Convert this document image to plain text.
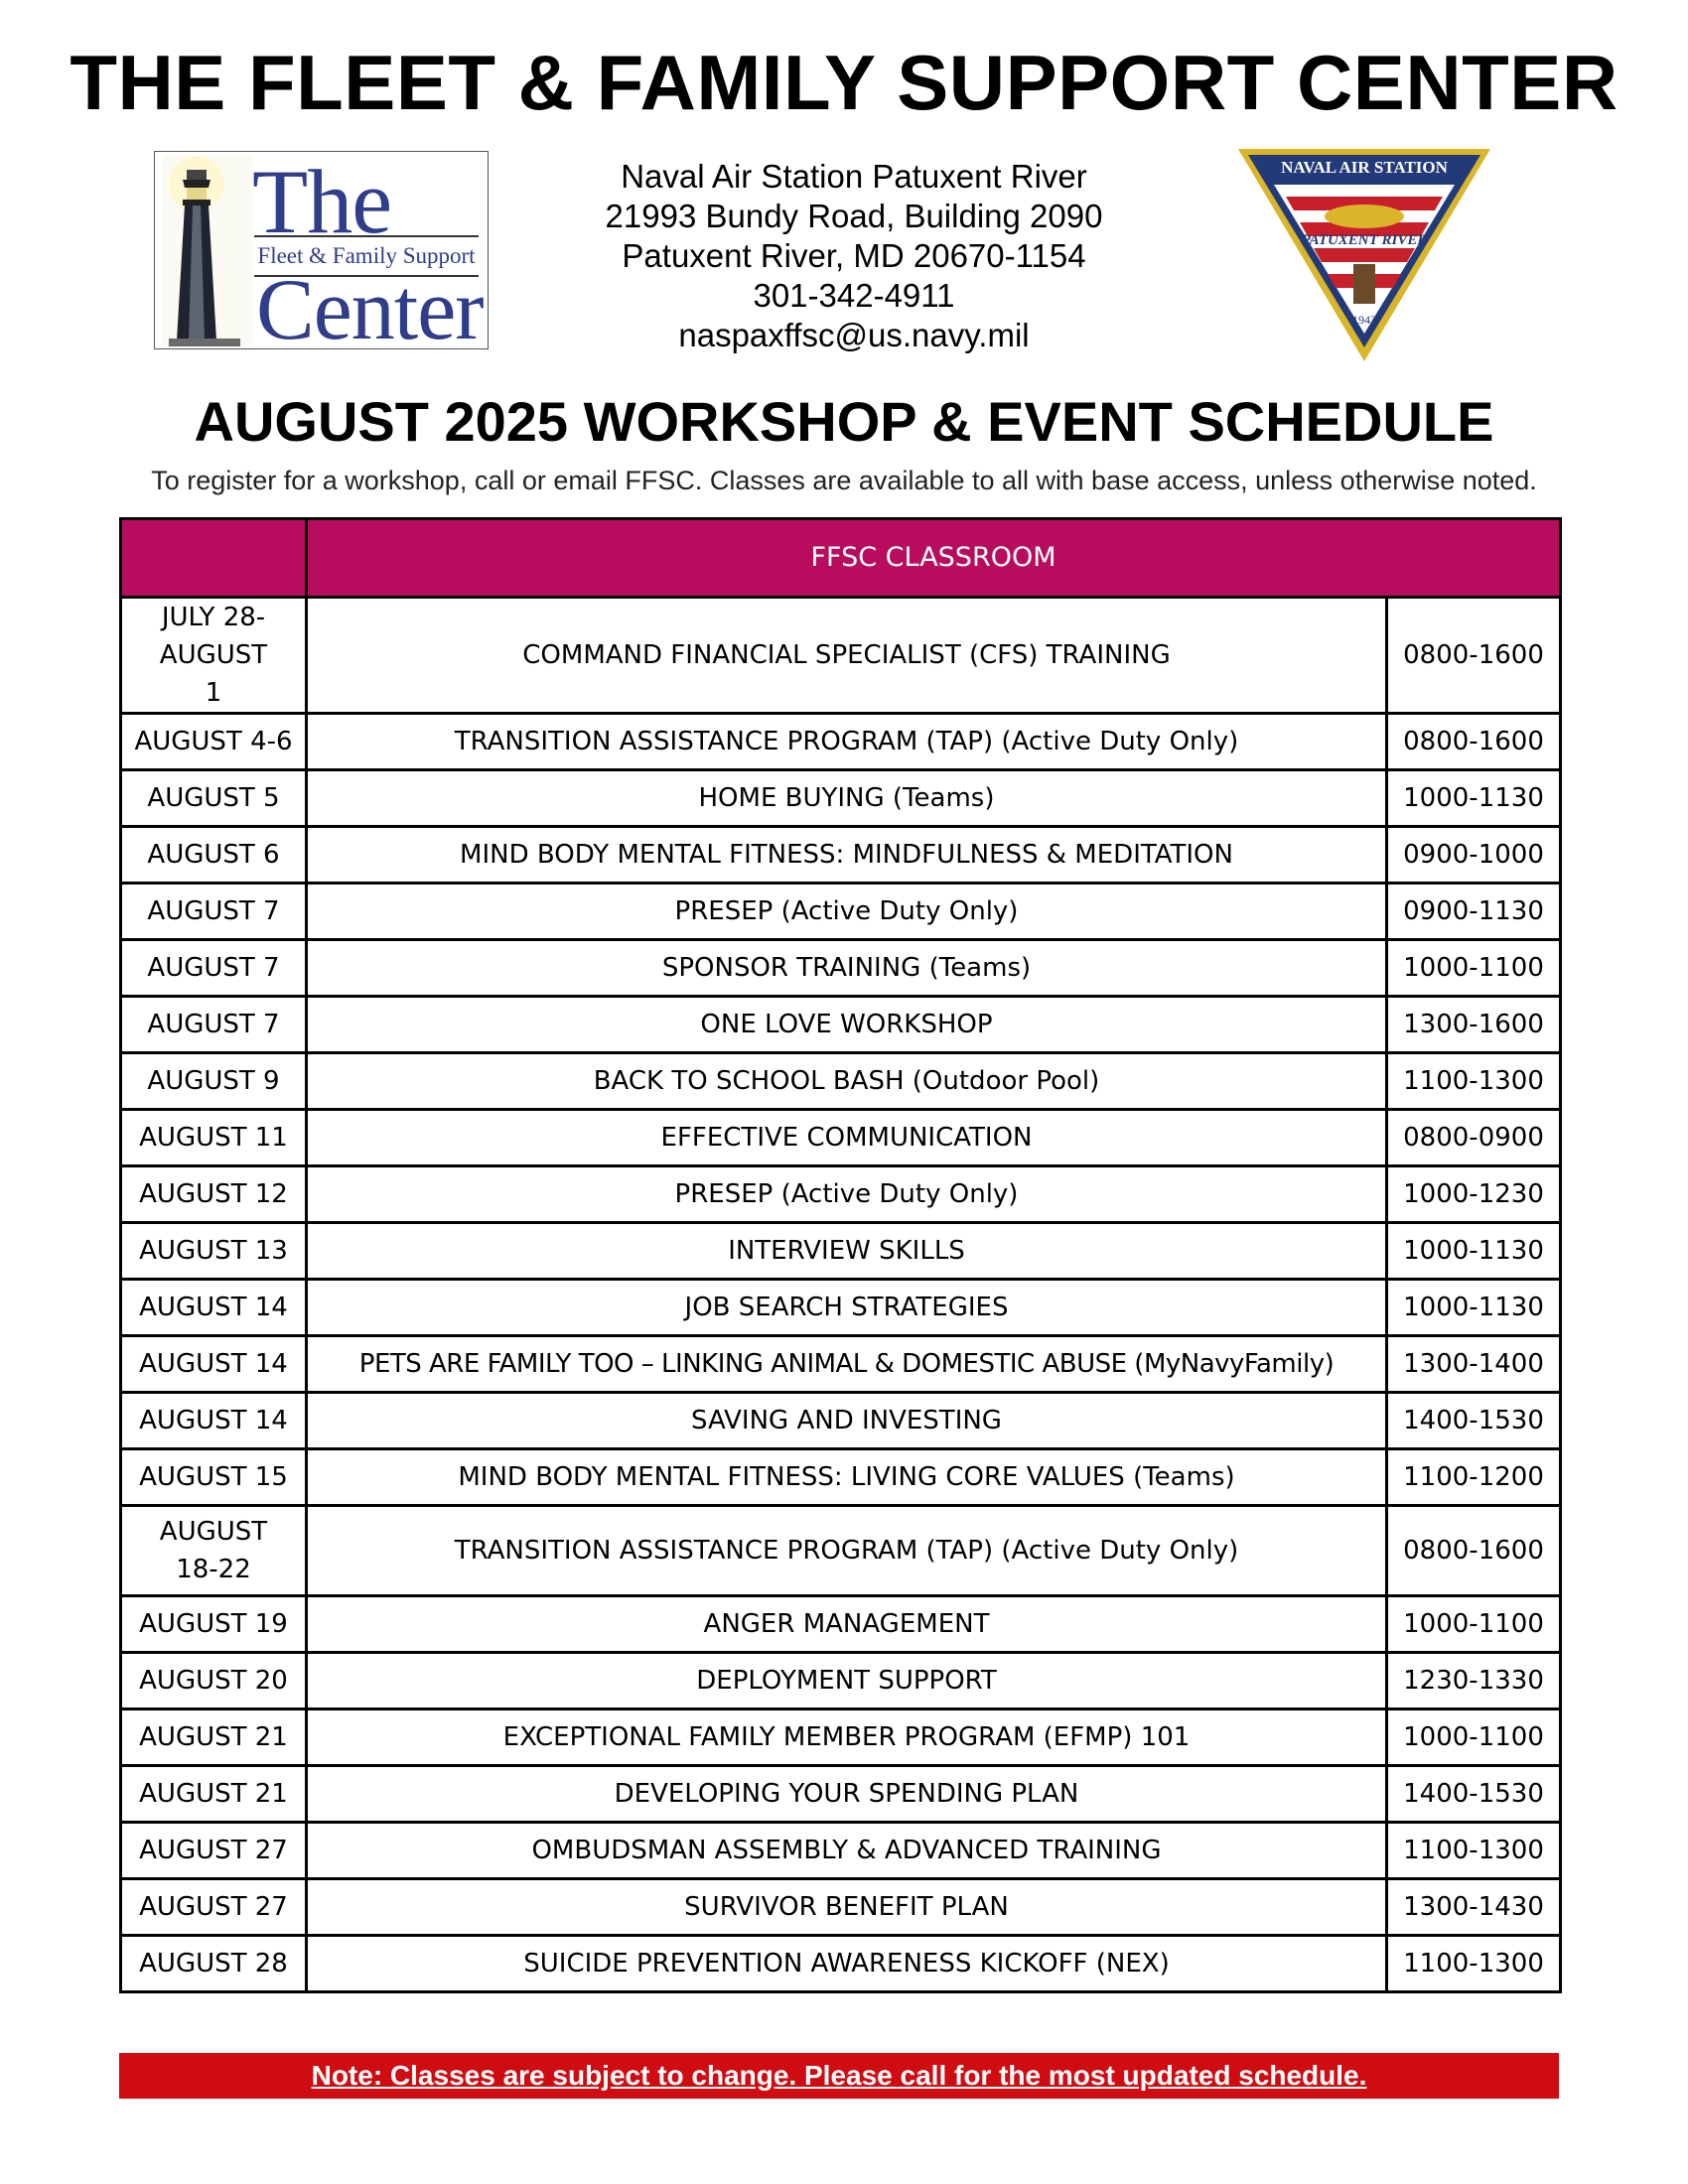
THE FLEET & FAMILY SUPPORT CENTER
The
Fleet & Family Support
Center
Naval Air Station Patuxent River
21993 Bundy Road, Building 2090
Patuxent River, MD 20670-1154
301-342-4911
naspaxffsc@us.navy.mil
NAVAL AIR STATION
PATUXENT RIVER
1943
AUGUST 2025 WORKSHOP & EVENT SCHEDULE
To register for a workshop, call or email FFSC. Classes are available to all with base access, unless otherwise noted.
	FFSC CLASSROOM	
JULY 28-AUGUST 1	COMMAND FINANCIAL SPECIALIST (CFS) TRAINING	0800-1600
AUGUST 4-6	TRANSITION ASSISTANCE PROGRAM (TAP) (Active Duty Only)	0800-1600
AUGUST 5	HOME BUYING (Teams)	1000-1130
AUGUST 6	MIND BODY MENTAL FITNESS: MINDFULNESS & MEDITATION	0900-1000
AUGUST 7	PRESEP (Active Duty Only)	0900-1130
AUGUST 7	SPONSOR TRAINING (Teams)	1000-1100
AUGUST 7	ONE LOVE WORKSHOP	1300-1600
AUGUST 9	BACK TO SCHOOL BASH (Outdoor Pool)	1100-1300
AUGUST 11	EFFECTIVE COMMUNICATION	0800-0900
AUGUST 12	PRESEP (Active Duty Only)	1000-1230
AUGUST 13	INTERVIEW SKILLS	1000-1130
AUGUST 14	JOB SEARCH STRATEGIES	1000-1130
AUGUST 14	PETS ARE FAMILY TOO – LINKING ANIMAL & DOMESTIC ABUSE (MyNavyFamily)	1300-1400
AUGUST 14	SAVING AND INVESTING	1400-1530
AUGUST 15	MIND BODY MENTAL FITNESS: LIVING CORE VALUES (Teams)	1100-1200
AUGUST 18-22	TRANSITION ASSISTANCE PROGRAM (TAP) (Active Duty Only)	0800-1600
AUGUST 19	ANGER MANAGEMENT	1000-1100
AUGUST 20	DEPLOYMENT SUPPORT	1230-1330
AUGUST 21	EXCEPTIONAL FAMILY MEMBER PROGRAM (EFMP) 101	1000-1100
AUGUST 21	DEVELOPING YOUR SPENDING PLAN	1400-1530
AUGUST 27	OMBUDSMAN ASSEMBLY & ADVANCED TRAINING	1100-1300
AUGUST 27	SURVIVOR BENEFIT PLAN	1300-1430
AUGUST 28	SUICIDE PREVENTION AWARENESS KICKOFF (NEX)	1100-1300
Note: Classes are subject to change. Please call for the most updated schedule.
